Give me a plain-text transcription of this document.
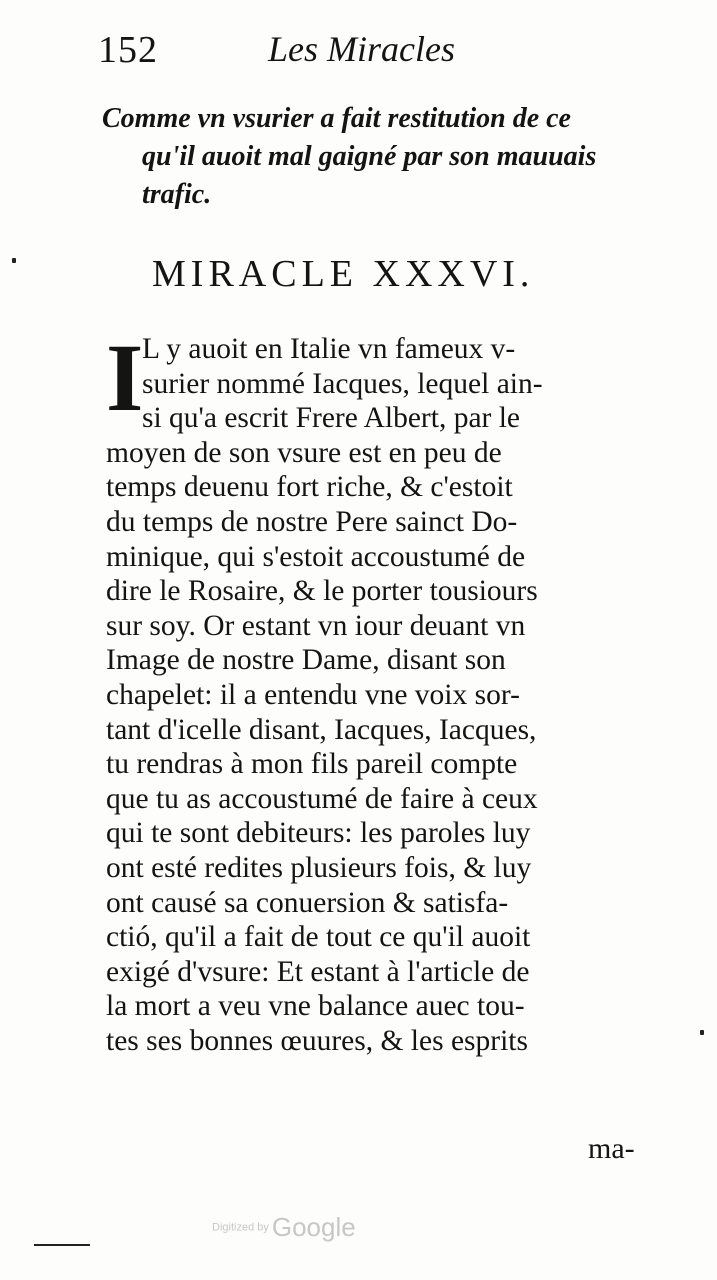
152	Les Miracles
Comme vn vsurier a fait restitution de ce
qu'il auoit mal gaigné par son mauuais
trafic.
MIRACLE XXXVI.
I
L y auoit en Italie vn fameux v-
surier nommé Iacques, lequel ain-
si qu'a escrit Frere Albert, par le
moyen de son vsure est en peu de
temps deuenu fort riche, & c'estoit
du temps de nostre Pere sainct Do-
minique, qui s'estoit accoustumé de
dire le Rosaire, & le porter tousiours
sur soy. Or estant vn iour deuant vn
Image de nostre Dame, disant son
chapelet: il a entendu vne voix sor-
tant d'icelle disant, Iacques, Iacques,
tu rendras à mon fils pareil compte
que tu as accoustumé de faire à ceux
qui te sont debiteurs: les paroles luy
ont esté redites plusieurs fois, & luy
ont causé sa conuersion & satisfa-
ctió, qu'il a fait de tout ce qu'il auoit
exigé d'vsure: Et estant à l'article de
la mort a veu vne balance auec tou-
tes ses bonnes œuures, & les esprits
ma-
Digitized by Google
